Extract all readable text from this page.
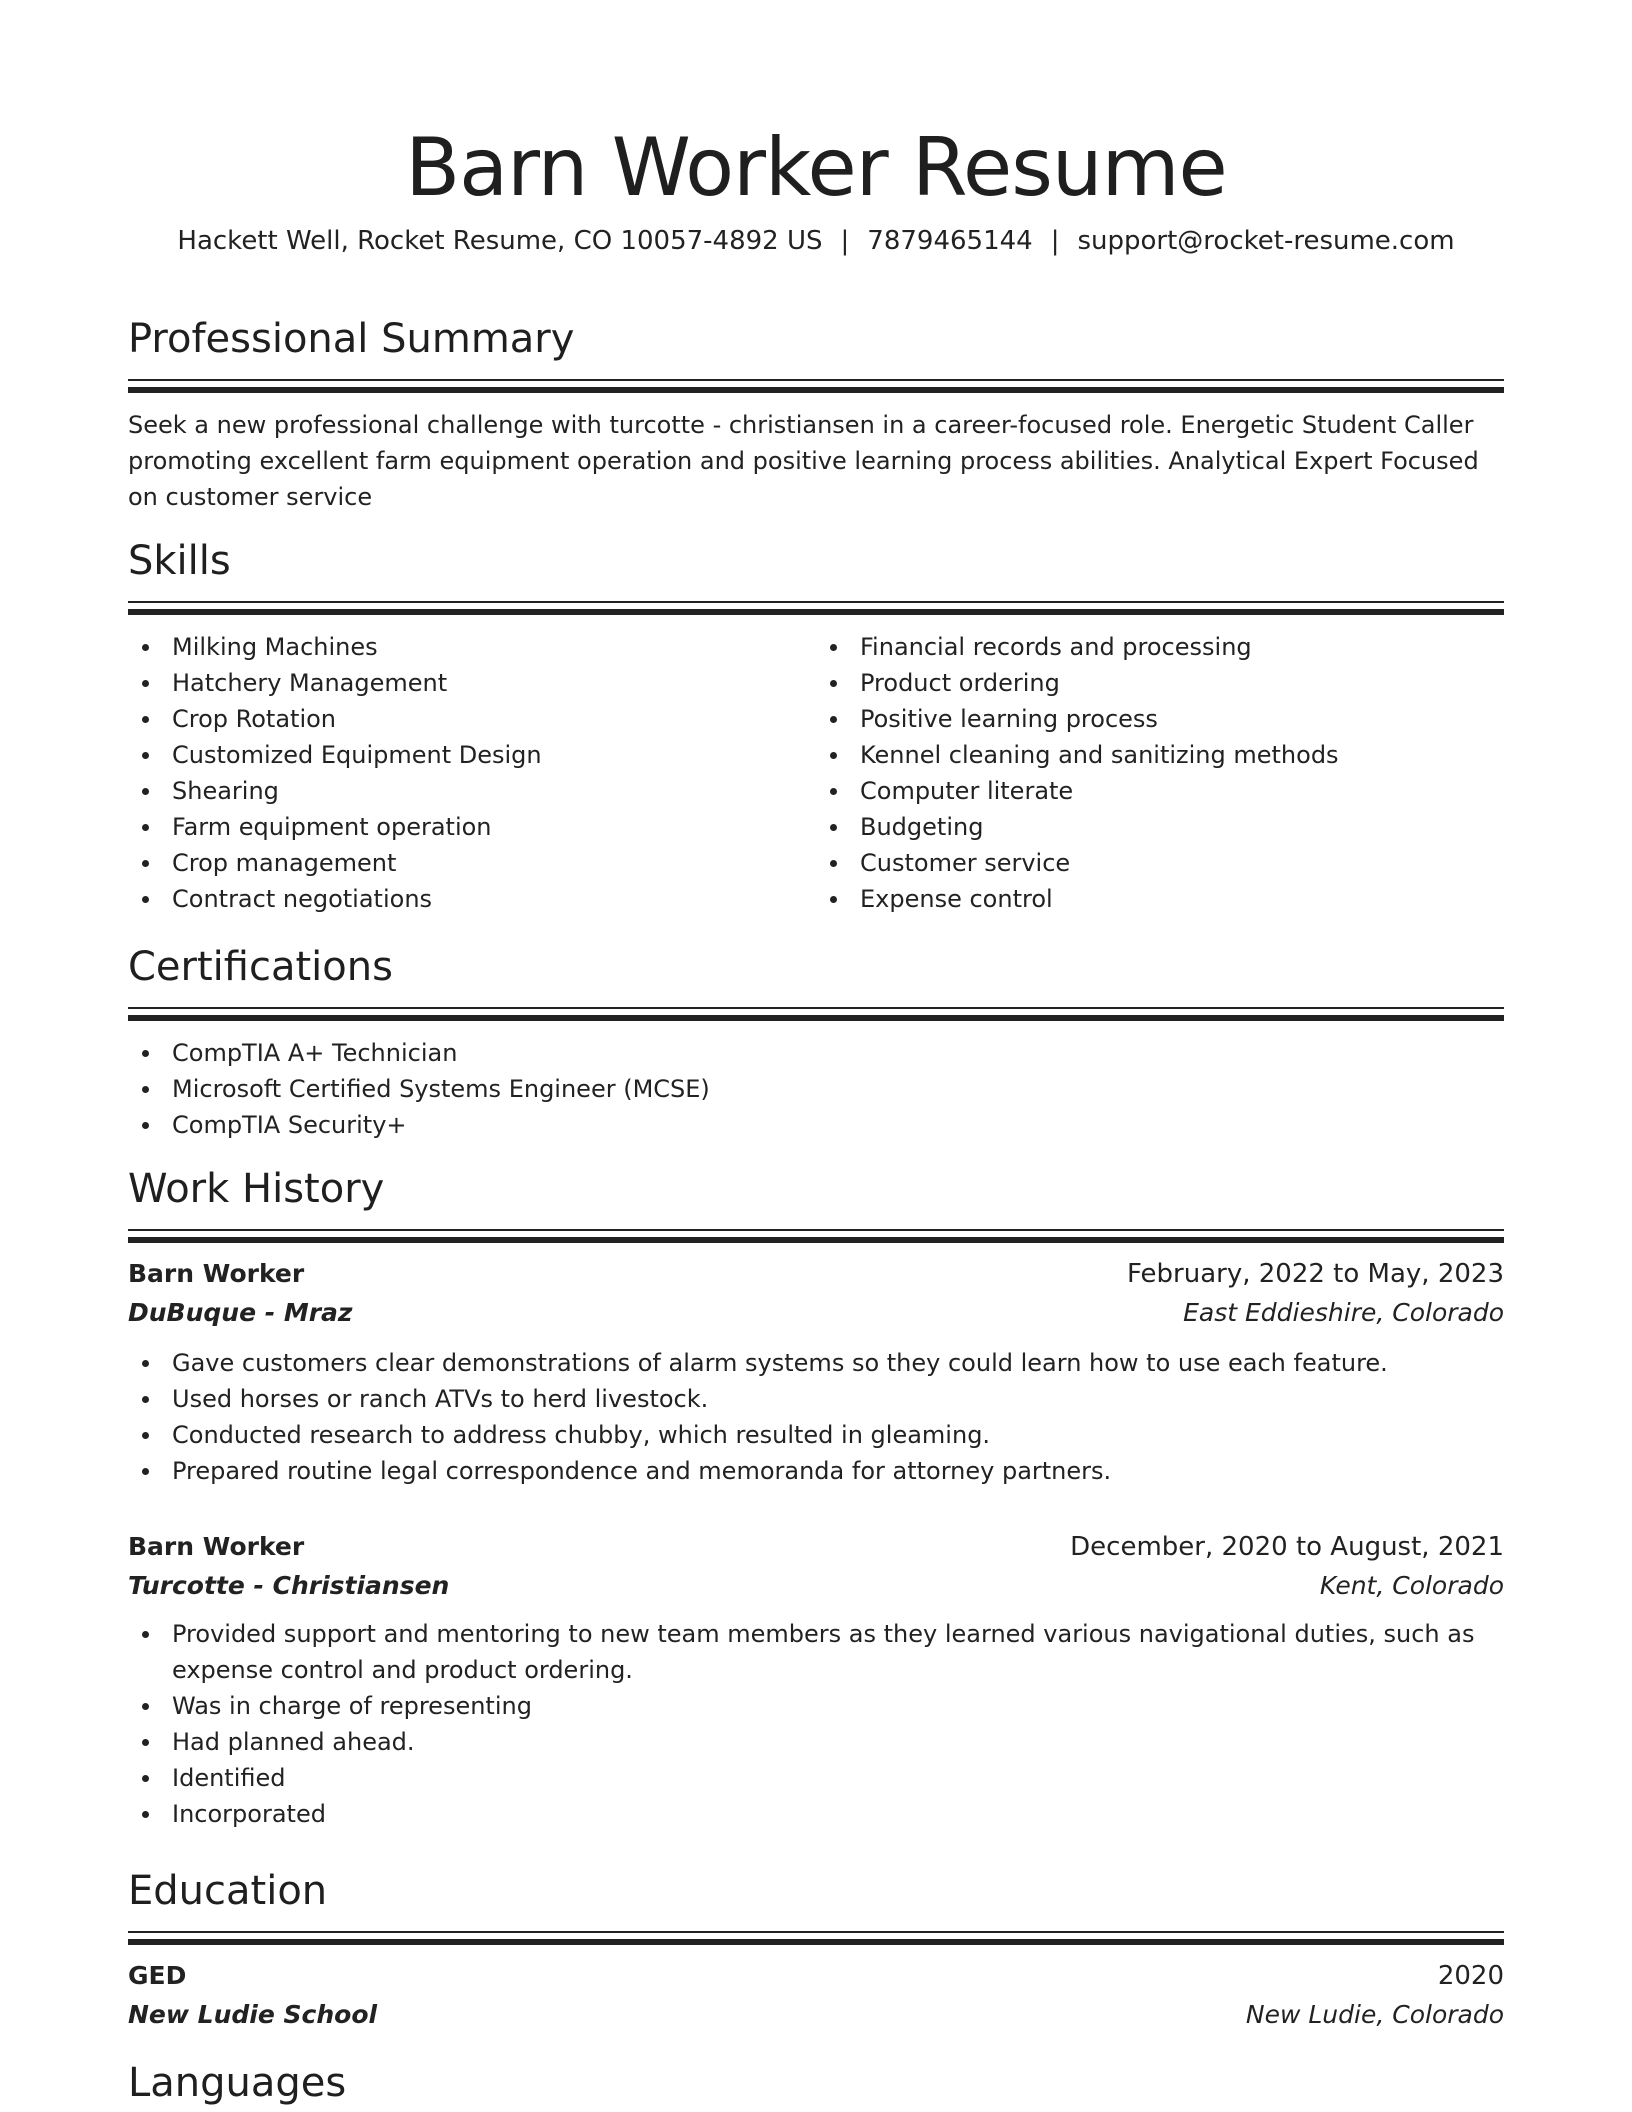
Barn Worker Resume
Hackett Well, Rocket Resume, CO 10057-4892 US | 7879465144 | support@rocket-resume.com
Professional Summary
Seek a new professional challenge with turcotte - christiansen in a career-focused role. Energetic Student Caller promoting excellent farm equipment operation and positive learning process abilities. Analytical Expert Focused on customer service
Skills
Milking Machines
Hatchery Management
Crop Rotation
Customized Equipment Design
Shearing
Farm equipment operation
Crop management
Contract negotiations
Financial records and processing
Product ordering
Positive learning process
Kennel cleaning and sanitizing methods
Computer literate
Budgeting
Customer service
Expense control
Certifications
CompTIA A+ Technician
Microsoft Certified Systems Engineer (MCSE)
CompTIA Security+
Work History
Barn Worker	February, 2022 to May, 2023
DuBuque - Mraz	East Eddieshire, Colorado
Gave customers clear demonstrations of alarm systems so they could learn how to use each feature.
Used horses or ranch ATVs to herd livestock.
Conducted research to address chubby, which resulted in gleaming.
Prepared routine legal correspondence and memoranda for attorney partners.
Barn Worker	December, 2020 to August, 2021
Turcotte - Christiansen	Kent, Colorado
Provided support and mentoring to new team members as they learned various navigational duties, such as expense control and product ordering.
Was in charge of representing
Had planned ahead.
Identified
Incorporated
Education
GED	2020
New Ludie School	New Ludie, Colorado
Languages
